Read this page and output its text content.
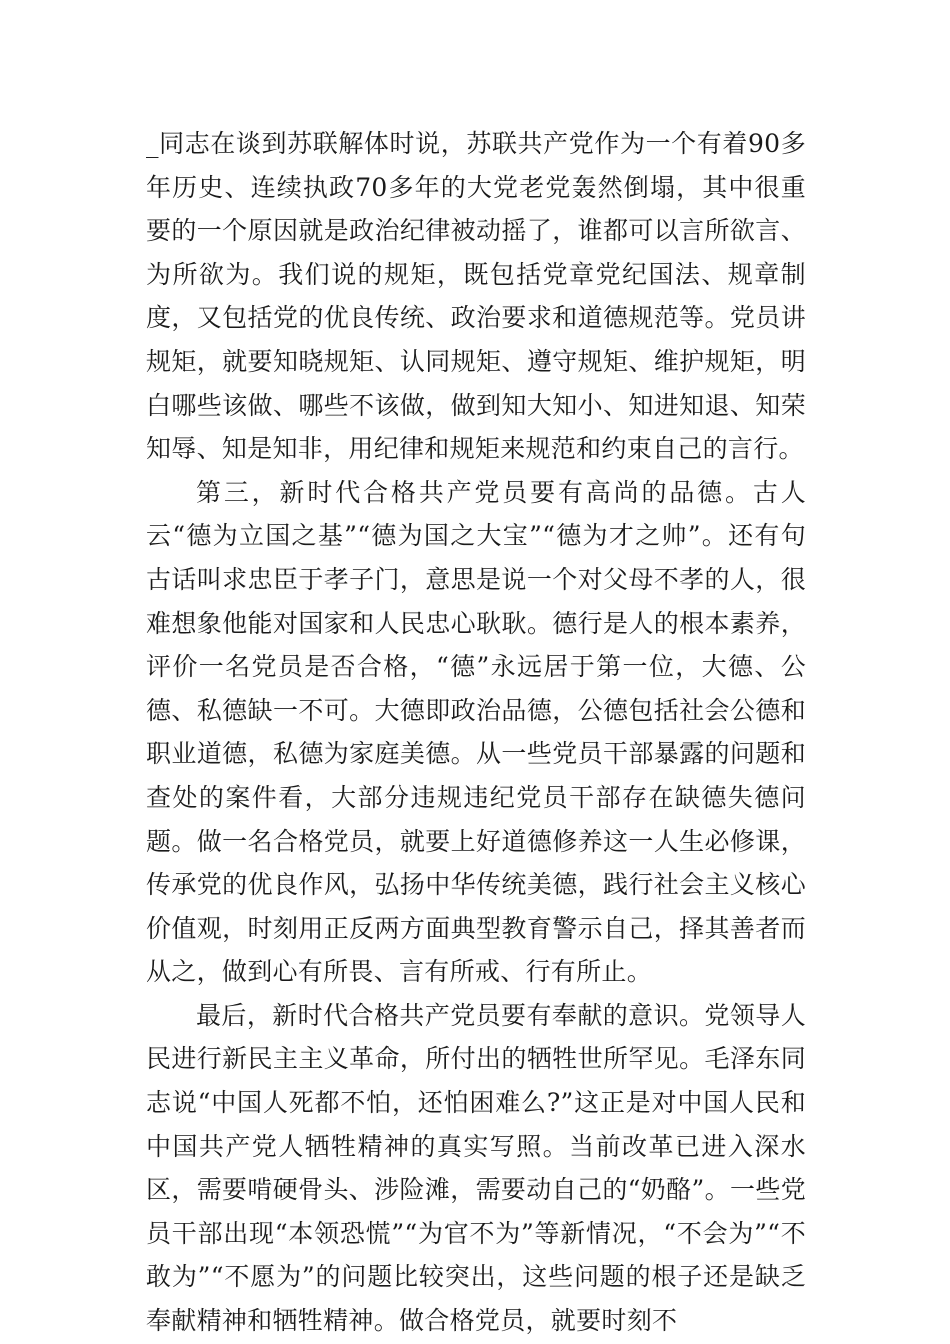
_同志在谈到苏联解体时说，苏联共产党作为一个有着90多年历史、连续执政70多年的大党老党轰然倒塌，其中很重要的一个原因就是政治纪律被动摇了，谁都可以言所欲言、为所欲为。我们说的规矩，既包括党章党纪国法、规章制度，又包括党的优良传统、政治要求和道德规范等。党员讲规矩，就要知晓规矩、认同规矩、遵守规矩、维护规矩，明白哪些该做、哪些不该做，做到知大知小、知进知退、知荣知辱、知是知非，用纪律和规矩来规范和约束自己的言行。

第三，新时代合格共产党员要有高尚的品德。古人云“德为立国之基”“德为国之大宝”“德为才之帅”。还有句古话叫求忠臣于孝子门，意思是说一个对父母不孝的人，很难想象他能对国家和人民忠心耿耿。德行是人的根本素养，评价一名党员是否合格，“德”永远居于第一位，大德、公德、私德缺一不可。大德即政治品德，公德包括社会公德和职业道德，私德为家庭美德。从一些党员干部暴露的问题和查处的案件看，大部分违规违纪党员干部存在缺德失德问题。做一名合格党员，就要上好道德修养这一人生必修课，传承党的优良作风，弘扬中华传统美德，践行社会主义核心价值观，时刻用正反两方面典型教育警示自己，择其善者而从之，做到心有所畏、言有所戒、行有所止。

最后，新时代合格共产党员要有奉献的意识。党领导人民进行新民主主义革命，所付出的牺牲世所罕见。毛泽东同志说“中国人死都不怕，还怕困难么?”这正是对中国人民和中国共产党人牺牲精神的真实写照。当前改革已进入深水区，需要啃硬骨头、涉险滩，需要动自己的“奶酪”。一些党员干部出现“本领恐慌”“为官不为”等新情况，“不会为”“不敢为”“不愿为”的问题比较突出，这些问题的根子还是缺乏奉献精神和牺牲精神。做合格党员，就要时刻不
